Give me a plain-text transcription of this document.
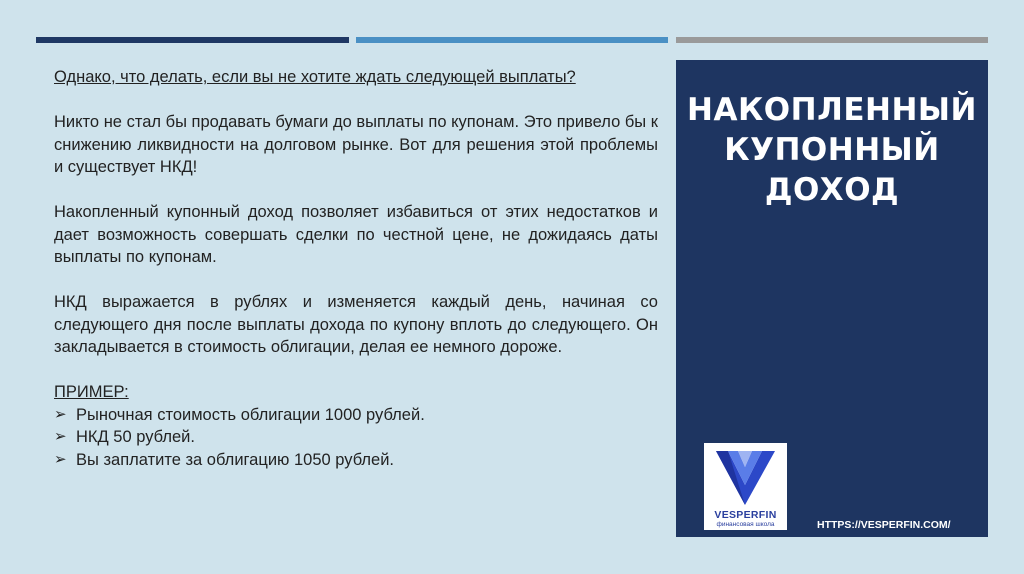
Однако, что делать, если вы не хотите ждать следующей выплаты?

Никто не стал бы продавать бумаги до выплаты по купонам. Это привело бы к снижению ликвидности на долговом рынке. Вот для решения этой проблемы и существует НКД!

Накопленный купонный доход позволяет избавиться от этих недостатков и дает возможность совершать сделки по честной цене, не дожидаясь даты выплаты по купонам.

НКД выражается в рублях и изменяется каждый день, начиная со следующего дня после выплаты дохода по купону вплоть до следующего. Он закладывается в стоимость облигации, делая ее немного дороже.

ПРИМЕР:
➢ Рыночная стоимость облигации 1000 рублей.
➢ НКД 50 рублей.
➢ Вы заплатите за облигацию 1050 рублей.
НАКОПЛЕННЫЙ
КУПОННЫЙ
ДОХОД
VESPERFIN
финансовая школа	HTTPS://VESPERFIN.COM/
